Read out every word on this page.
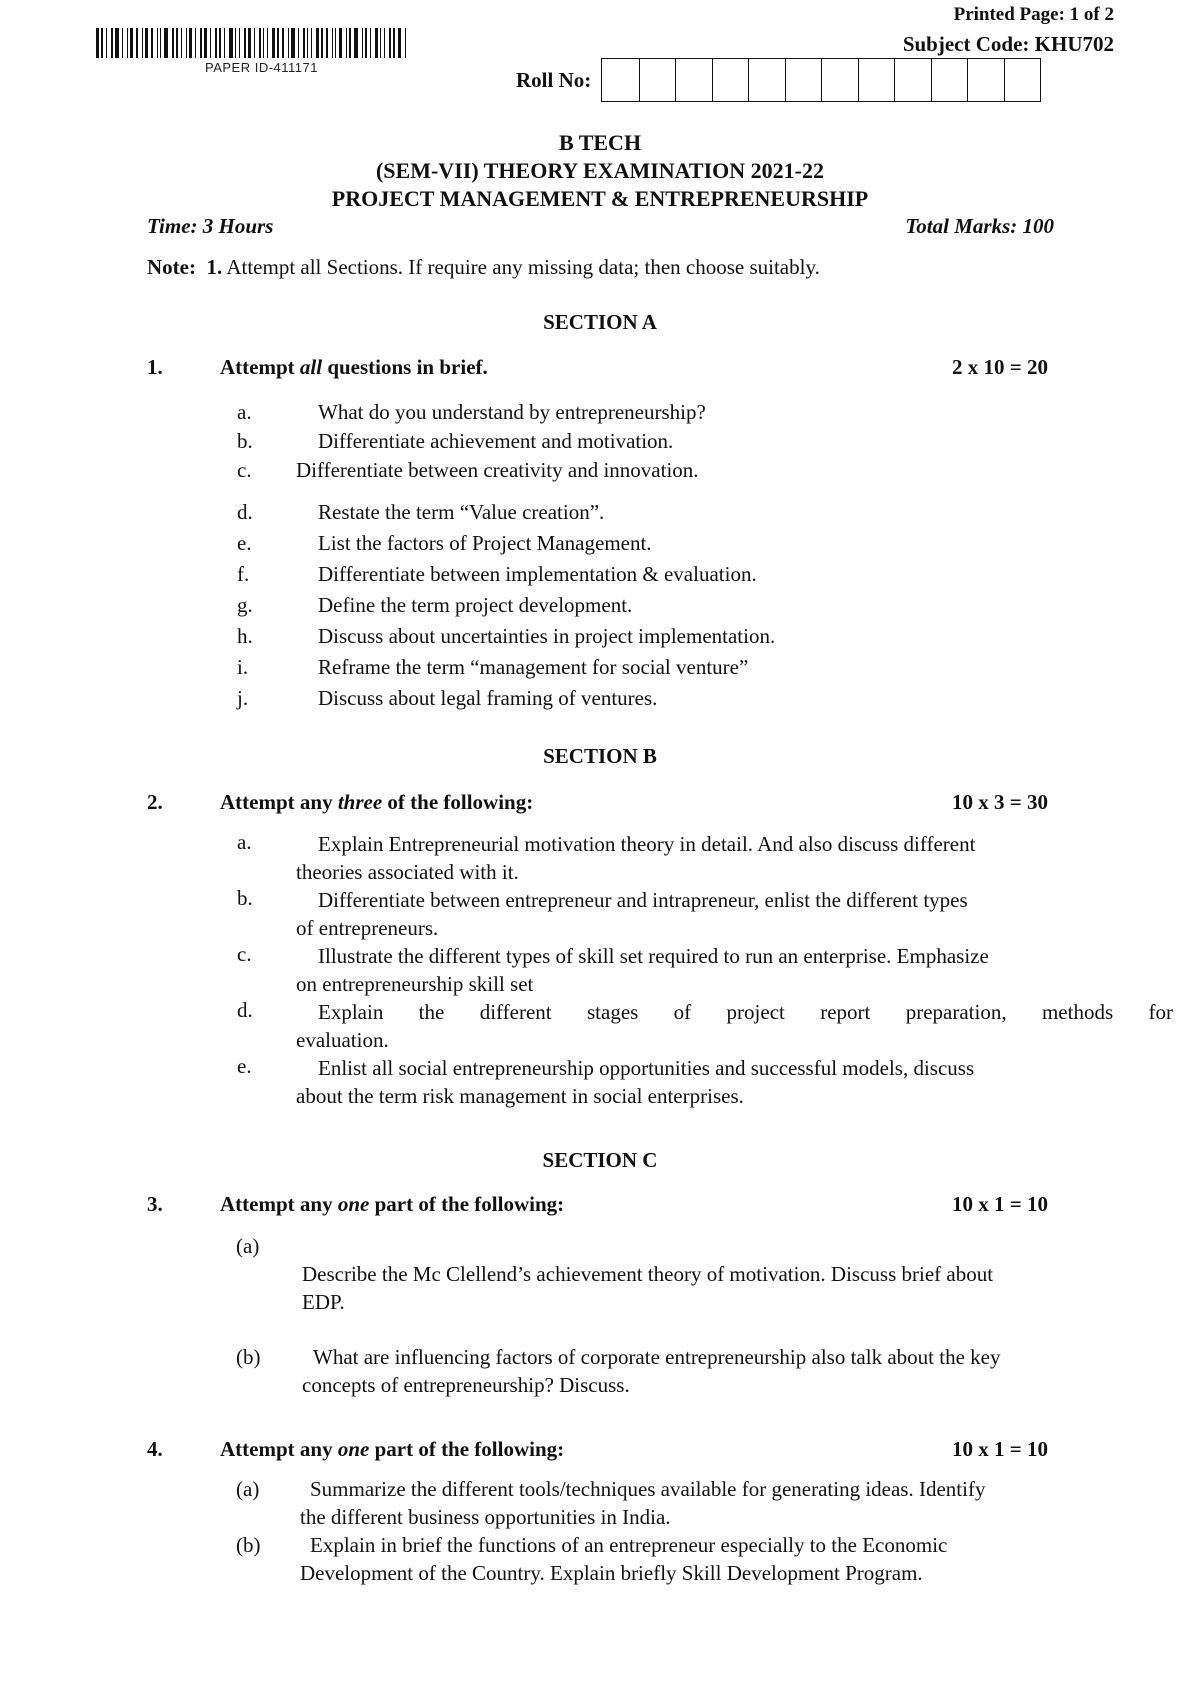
PAPER ID-411171
Printed Page: 1 of 2
Subject Code: KHU702
Roll No:
B TECH
(SEM-VII) THEORY EXAMINATION 2021-22
PROJECT MANAGEMENT & ENTREPRENEURSHIP
Time: 3 Hours	Total Marks: 100
Note: 1. Attempt all Sections. If require any missing data; then choose suitably.
SECTION A
1.	Attempt all questions in brief.	2 x 10 = 20
a.	What do you understand by entrepreneurship?
b.	Differentiate achievement and motivation.
c. Differentiate between creativity and innovation.
d.	Restate the term “Value creation”.
e.	List the factors of Project Management.
f.	Differentiate between implementation & evaluation.
g.	Define the term project development.
h.	Discuss about uncertainties in project implementation.
i.	Reframe the term “management for social venture”
j.	Discuss about legal framing of ventures.
SECTION B
2.	Attempt any three of the following:	10 x 3 = 30
a.	Explain Entrepreneurial motivation theory in detail. And also discuss different
theories associated with it.
b.	Differentiate between entrepreneur and intrapreneur, enlist the different types
of entrepreneurs.
c.	Illustrate the different types of skill set required to run an enterprise. Emphasize
on entrepreneurship skill set
d.	Explain the different stages of project report preparation, methods for
evaluation.
e.	Enlist all social entrepreneurship opportunities and successful models, discuss
about the term risk management in social enterprises.
SECTION C
3.	Attempt any one part of the following:	10 x 1 = 10
(a)
Describe the Mc Clellend’s achievement theory of motivation. Discuss brief about
EDP.
(b)	What are influencing factors of corporate entrepreneurship also talk about the key
concepts of entrepreneurship? Discuss.
4.	Attempt any one part of the following:	10 x 1 = 10
(a) Summarize the different tools/techniques available for generating ideas. Identify
the different business opportunities in India.
(b) Explain in brief the functions of an entrepreneur especially to the Economic
Development of the Country. Explain briefly Skill Development Program.
